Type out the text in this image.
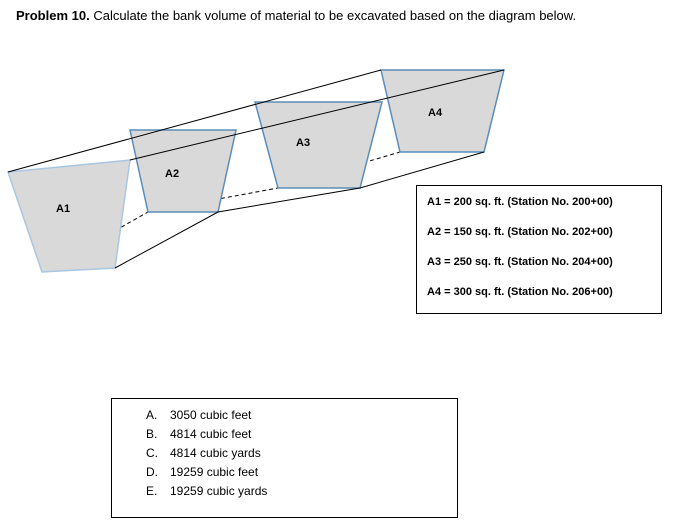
Problem 10. Calculate the bank volume of material to be excavated based on the diagram below.
A1
A2
A3
A4
A1 = 200 sq. ft. (Station No. 200+00)
A2 = 150 sq. ft. (Station No. 202+00)
A3 = 250 sq. ft. (Station No. 204+00)
A4 = 300 sq. ft. (Station No. 206+00)
A. 3050 cubic feet
B. 4814 cubic feet
C. 4814 cubic yards
D. 19259 cubic feet
E. 19259 cubic yards
